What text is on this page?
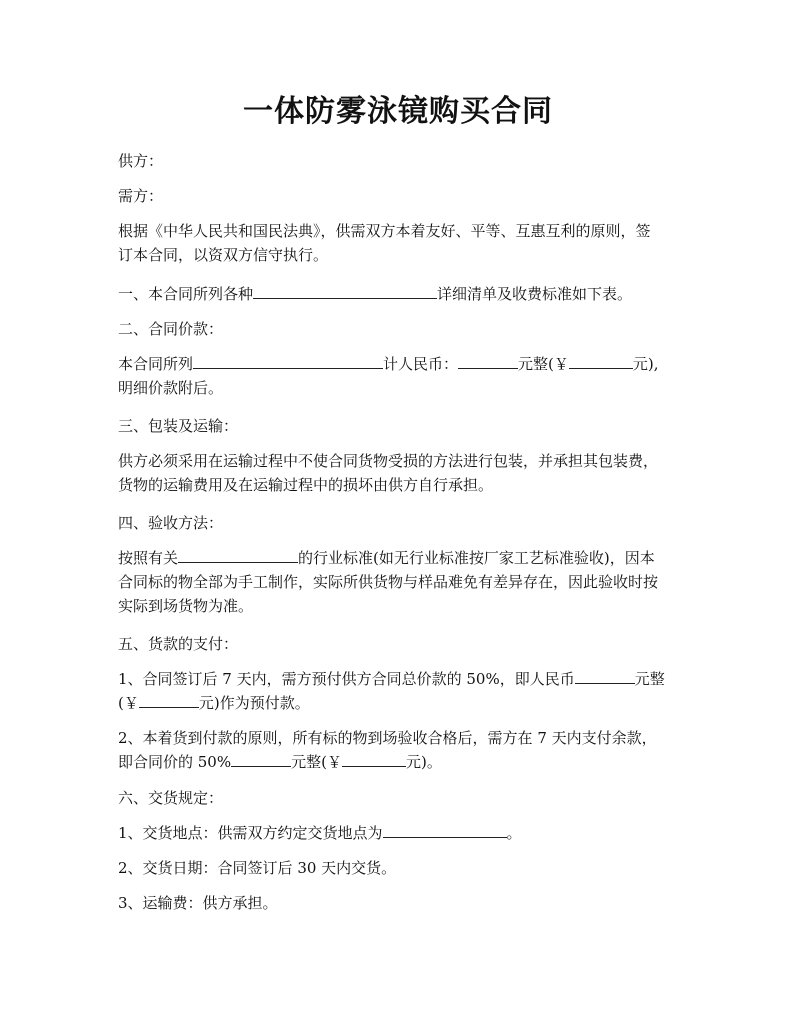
一体防雾泳镜购买合同
供方：
需方：
根据《中华人民共和国民法典》，供需双方本着友好、平等、互惠互利的原则，签
订本合同，以资双方信守执行。
一、本合同所列各种	详细清单及收费标准如下表。
二、合同价款：
本合同所列	计人民币：	元整(￥	元),
明细价款附后。
三、包装及运输：
供方必须采用在运输过程中不使合同货物受损的方法进行包装，并承担其包装费，
货物的运输费用及在运输过程中的损坏由供方自行承担。
四、验收方法：
按照有关	的行业标准(如无行业标准按厂家工艺标准验收)，因本
合同标的物全部为手工制作，实际所供货物与样品难免有差异存在，因此验收时按
实际到场货物为准。
五、货款的支付：
1、合同签订后 7 天内，需方预付供方合同总价款的 50%，即人民币	元整
(￥	元)作为预付款。
2、本着货到付款的原则，所有标的物到场验收合格后，需方在 7 天内支付余款，
即合同价的 50%	元整(￥	元)。
六、交货规定：
1、交货地点：供需双方约定交货地点为	。
2、交货日期：合同签订后 30 天内交货。
3、运输费：供方承担。
